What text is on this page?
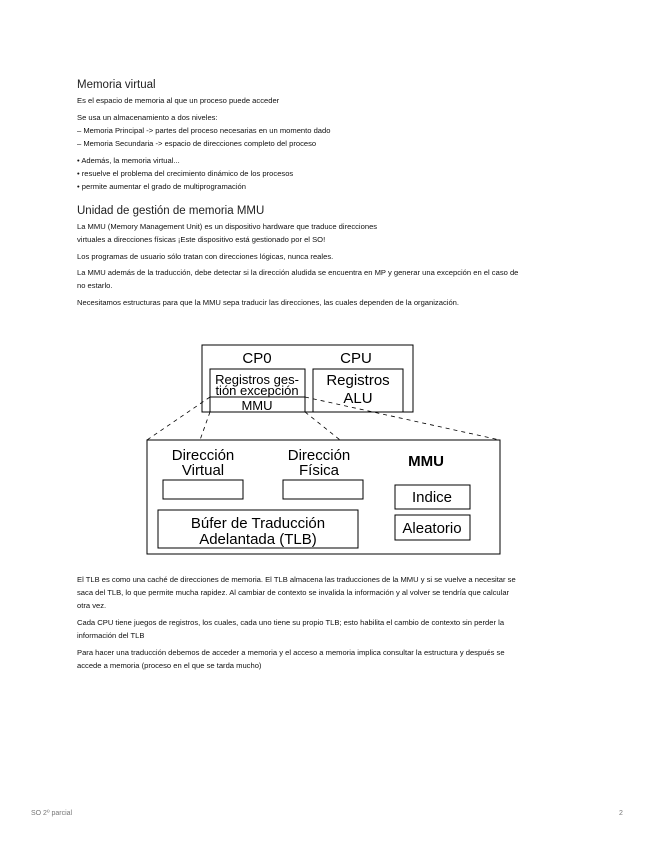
Memoria virtual
Es el espacio de memoria al que un proceso puede acceder
Se usa un almacenamiento a dos niveles:
– Memoria Principal -> partes del proceso necesarias en un momento dado
– Memoria Secundaria -> espacio de direcciones completo del proceso
• Además, la memoria virtual...
• resuelve el problema del crecimiento dinámico de los procesos
• permite aumentar el grado de multiprogramación
Unidad de gestión de memoria MMU
La MMU (Memory Management Unit) es un dispositivo hardware que traduce direcciones
virtuales a direcciones físicas ¡Este dispositivo está gestionado por el SO!
Los programas de usuario sólo tratan con direcciones lógicas, nunca reales.
La MMU además de la traducción, debe detectar si la dirección aludida se encuentra en MP y generar una excepción en el caso de
no estarlo.
Necesitamos estructuras para que la MMU sepa traducir las direcciones, las cuales dependen de la organización.
CP0	CPU
Registros ges-
tión excepción
MMU
Registros
ALU
Dirección
Virtual
Dirección
Física
MMU
Indice
Aleatorio
Búfer de Traducción
Adelantada (TLB)
El TLB es como una caché de direcciones de memoria. El TLB almacena las traducciones de la MMU y si se vuelve a necesitar se
saca del TLB, lo que permite mucha rapidez. Al cambiar de contexto se invalida la información y al volver se tendría que calcular
otra vez.
Cada CPU tiene juegos de registros, los cuales, cada uno tiene su propio TLB; esto habilita el cambio de contexto sin perder la
información del TLB
Para hacer una traducción debemos de acceder a memoria y el acceso a memoria implica consultar la estructura y después se
accede a memoria (proceso en el que se tarda mucho)
SO 2º parcial	2
